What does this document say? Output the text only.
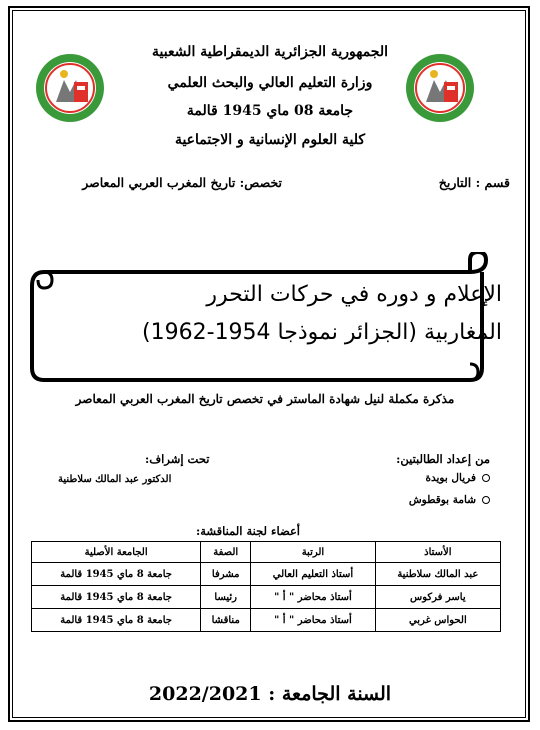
الجمهورية الجزائرية الديمقراطية الشعبية
وزارة التعليم العالي والبحث العلمي
جامعة 08 ماي 1945 قالمة
كلية العلوم الإنسانية و الاجتماعية
قسم : التاريخ
تخصص: تاريخ المغرب العربي المعاصر
الإعلام و دوره في حركات التحرر
المغاربية (الجزائر نموذجا 1954-1962)
مذكرة مكملة لنيل شهادة الماستر في تخصص تاريخ المغرب العربي المعاصر
من إعداد الطالبتين:
فريال بويدة
شامة بوقطوش
تحت إشراف:
الدكتور عبد المالك سلاطنية
أعضاء لجنة المناقشة:
الأستاذ	الرتبة	الصفة	الجامعة الأصلية
عبد المالك سلاطنية	أستاذ التعليم العالي	مشرفا	جامعة 8 ماي 1945 قالمة
ياسر فركوس	أستاذ محاضر " أ "	رئيسا	جامعة 8 ماي 1945 قالمة
الحواس غربي	أستاذ محاضر " أ "	مناقشا	جامعة 8 ماي 1945 قالمة
السنة الجامعة : 2022/2021
